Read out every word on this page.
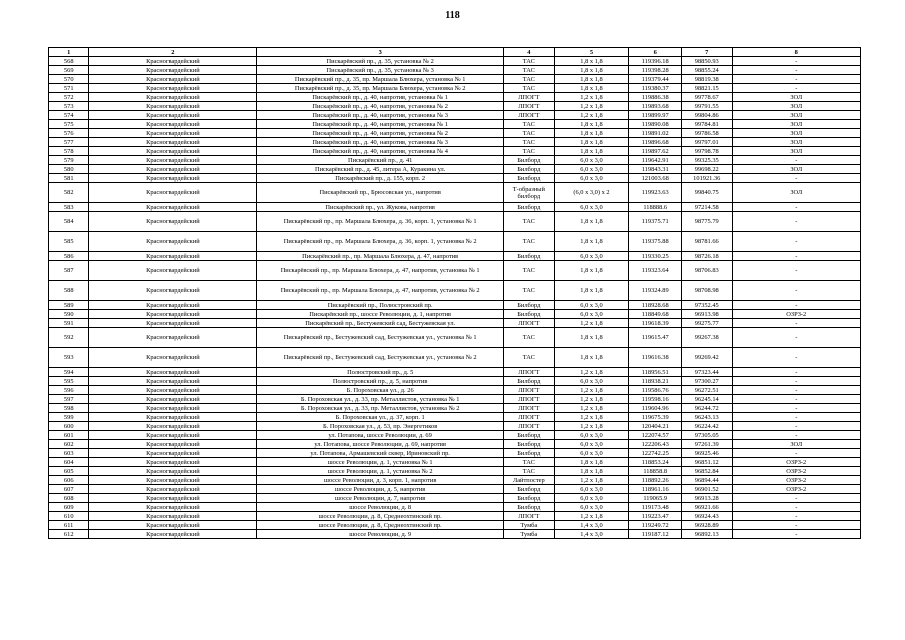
118
1	2	3	4	5	6	7	8
568	Красногвардейский	Пискарёвский пр., д. 35, установка № 2	ТАС	1,8 х 1,8	119396.18	98850.93	-
569	Красногвардейский	Пискарёвский пр., д. 35, установка № 3	ТАС	1,8 х 1,8	119398.28	98855.24	-
570	Красногвардейский	Пискарёвский пр., д. 35, пр. Маршала Блюхера, установка № 1	ТАС	1,8 х 1,8	119379.44	98819.38	-
571	Красногвардейский	Пискарёвский пр., д. 35, пр. Маршала Блюхера, установка № 2	ТАС	1,8 х 1,8	119380.37	98821.15	-
572	Красногвардейский	Пискарёвский пр., д. 40, напротив, установка № 1	ЛПОГТ	1,2 х 1,8	119886.38	99778.67	ЗОЛ
573	Красногвардейский	Пискарёвский пр., д. 40, напротив, установка № 2	ЛПОГТ	1,2 х 1,8	119893.68	99791.55	ЗОЛ
574	Красногвардейский	Пискарёвский пр., д. 40, напротив, установка № 3	ЛПОГТ	1,2 х 1,8	119899.97	99804.86	ЗОЛ
575	Красногвардейский	Пискарёвский пр., д. 40, напротив, установка № 1	ТАС	1,8 х 1,8	119890.08	99784.81	ЗОЛ
576	Красногвардейский	Пискарёвский пр., д. 40, напротив, установка № 2	ТАС	1,8 х 1,8	119891.02	99786.58	ЗОЛ
577	Красногвардейский	Пискарёвский пр., д. 40, напротив, установка № 3	ТАС	1,8 х 1,8	119896.68	99797.01	ЗОЛ
578	Красногвардейский	Пискарёвский пр., д. 40, напротив, установка № 4	ТАС	1,8 х 1,8	119897.62	99798.78	ЗОЛ
579	Красногвардейский	Пискарёвский пр., д. 41	Билборд	6,0 х 3,0	119642.91	99325.35	-
580	Красногвардейский	Пискарёвский пр., д. 45, литера А, Куракина ул.	Билборд	6,0 х 3,0	119843.31	99698.22	ЗОЛ
581	Красногвардейский	Пискарёвский пр., д. 155, корп. 2	Билборд	6,0 х 3,0	121003.68	101921.36	-
582	Красногвардейский	Пискарёвский пр., Брюсовская ул., напротив	Т-образный билборд	(6,0 х 3,0) х 2	119923.63	99840.75	ЗОЛ
583	Красногвардейский	Пискарёвский пр., ул. Жукова, напротив	Билборд	6,0 х 3,0	118888.6	97214.58	-
584	Красногвардейский	Пискарёвский пр., пр. Маршала Блюхера, д. 36, корп. 1, установка № 1	ТАС	1,8 х 1,8	119375.71	98775.79	-
585	Красногвардейский	Пискарёвский пр., пр. Маршала Блюхера, д. 36, корп. 1, установка № 2	ТАС	1,8 х 1,8	119375.88	98781.66	-
586	Красногвардейский	Пискарёвский пр., пр. Маршала Блюхера, д. 47, напротив	Билборд	6,0 х 3,0	119330.25	98726.18	-
587	Красногвардейский	Пискарёвский пр., пр. Маршала Блюхера, д. 47, напротив, установка № 1	ТАС	1,8 х 1,8	119323.64	98706.83	-
588	Красногвардейский	Пискарёвский пр., пр. Маршала Блюхера, д. 47, напротив, установка № 2	ТАС	1,8 х 1,8	119324.89	98708.98	-
589	Красногвардейский	Пискарёвский пр., Полюстровский пр.	Билборд	6,0 х 3,0	118928.68	97352.45	-
590	Красногвардейский	Пискарёвский пр., шоссе Революции, д. 1, напротив	Билборд	6,0 х 3,0	118849.68	96913.98	ОЗРЗ-2
591	Красногвардейский	Пискарёвский пр., Бестужевский сад, Бестужевская ул.	ЛПОГТ	1,2 х 1,8	119618.39	99275.77	-
592	Красногвардейский	Пискарёвский пр., Бестужевский сад, Бестужевская ул., установка № 1	ТАС	1,8 х 1,8	119615.47	99267.38	-
593	Красногвардейский	Пискарёвский пр., Бестужевский сад, Бестужевская ул., установка № 2	ТАС	1,8 х 1,8	119616.38	99269.42	-
594	Красногвардейский	Полюстровский пр., д. 5	ЛПОГТ	1,2 х 1,8	118956.51	97323.44	-
595	Красногвардейский	Полюстровский пр., д. 5, напротив	Билборд	6,0 х 3,0	118938.21	97300.27	-
596	Красногвардейский	Б. Пороховская ул., д. 26	ЛПОГТ	1,2 х 1,8	119586.76	96272.51	-
597	Красногвардейский	Б. Пороховская ул., д. 33, пр. Металлистов, установка № 1	ЛПОГТ	1,2 х 1,8	119598.16	96245.14	-
598	Красногвардейский	Б. Пороховская ул., д. 33, пр. Металлистов, установка № 2	ЛПОГТ	1,2 х 1,8	119604.96	96244.72	-
599	Красногвардейский	Б. Пороховская ул., д. 37, корп. 1	ЛПОГТ	1,2 х 1,8	119675.39	96243.13	-
600	Красногвардейский	Б. Пороховская ул., д. 53, пр. Энергетиков	ЛПОГТ	1,2 х 1,8	120404.21	96224.42	-
601	Красногвардейский	ул. Потапова, шоссе Революции, д. 69	Билборд	6,0 х 3,0	122074.57	97305.05	-
602	Красногвардейский	ул. Потапова, шоссе Революции, д. 69, напротив	Билборд	6,0 х 3,0	122206.43	97261.39	ЗОЛ
603	Красногвардейский	ул. Потапова, Армашевский сквер, Ириновский пр.	Билборд	6,0 х 3,0	122742.25	96925.46	-
604	Красногвардейский	шоссе Революции, д. 1, установка № 1	ТАС	1,8 х 1,8	118853.24	96851.12	ОЗРЗ-2
605	Красногвардейский	шоссе Революции, д. 1, установка № 2	ТАС	1,8 х 1,8	118858.8	96852.84	ОЗРЗ-2
606	Красногвардейский	шоссе Революции, д. 3, корп. 1, напротив	Лайтпостер	1,2 х 1,8	118892.26	96894.44	ОЗРЗ-2
607	Красногвардейский	шоссе Революции, д. 5, напротив	Билборд	6,0 х 3,0	118961.16	96901.52	ОЗРЗ-2
608	Красногвардейский	шоссе Революции, д. 7, напротив	Билборд	6,0 х 3,0	119065.9	96913.28	-
609	Красногвардейский	шоссе Революции, д. 8	Билборд	6,0 х 3,0	119173.48	96921.66	-
610	Красногвардейский	шоссе Революции, д. 8, Среднеохтинский пр.	ЛПОГТ	1,2 х 1,8	119223.47	96924.43	-
611	Красногвардейский	шоссе Революции, д. 8, Среднеохтинский пр.	Тумба	1,4 х 3,0	119249.72	96928.89	-
612	Красногвардейский	шоссе Революции, д. 9	Тумба	1,4 х 3,0	119187.12	96892.13	-
